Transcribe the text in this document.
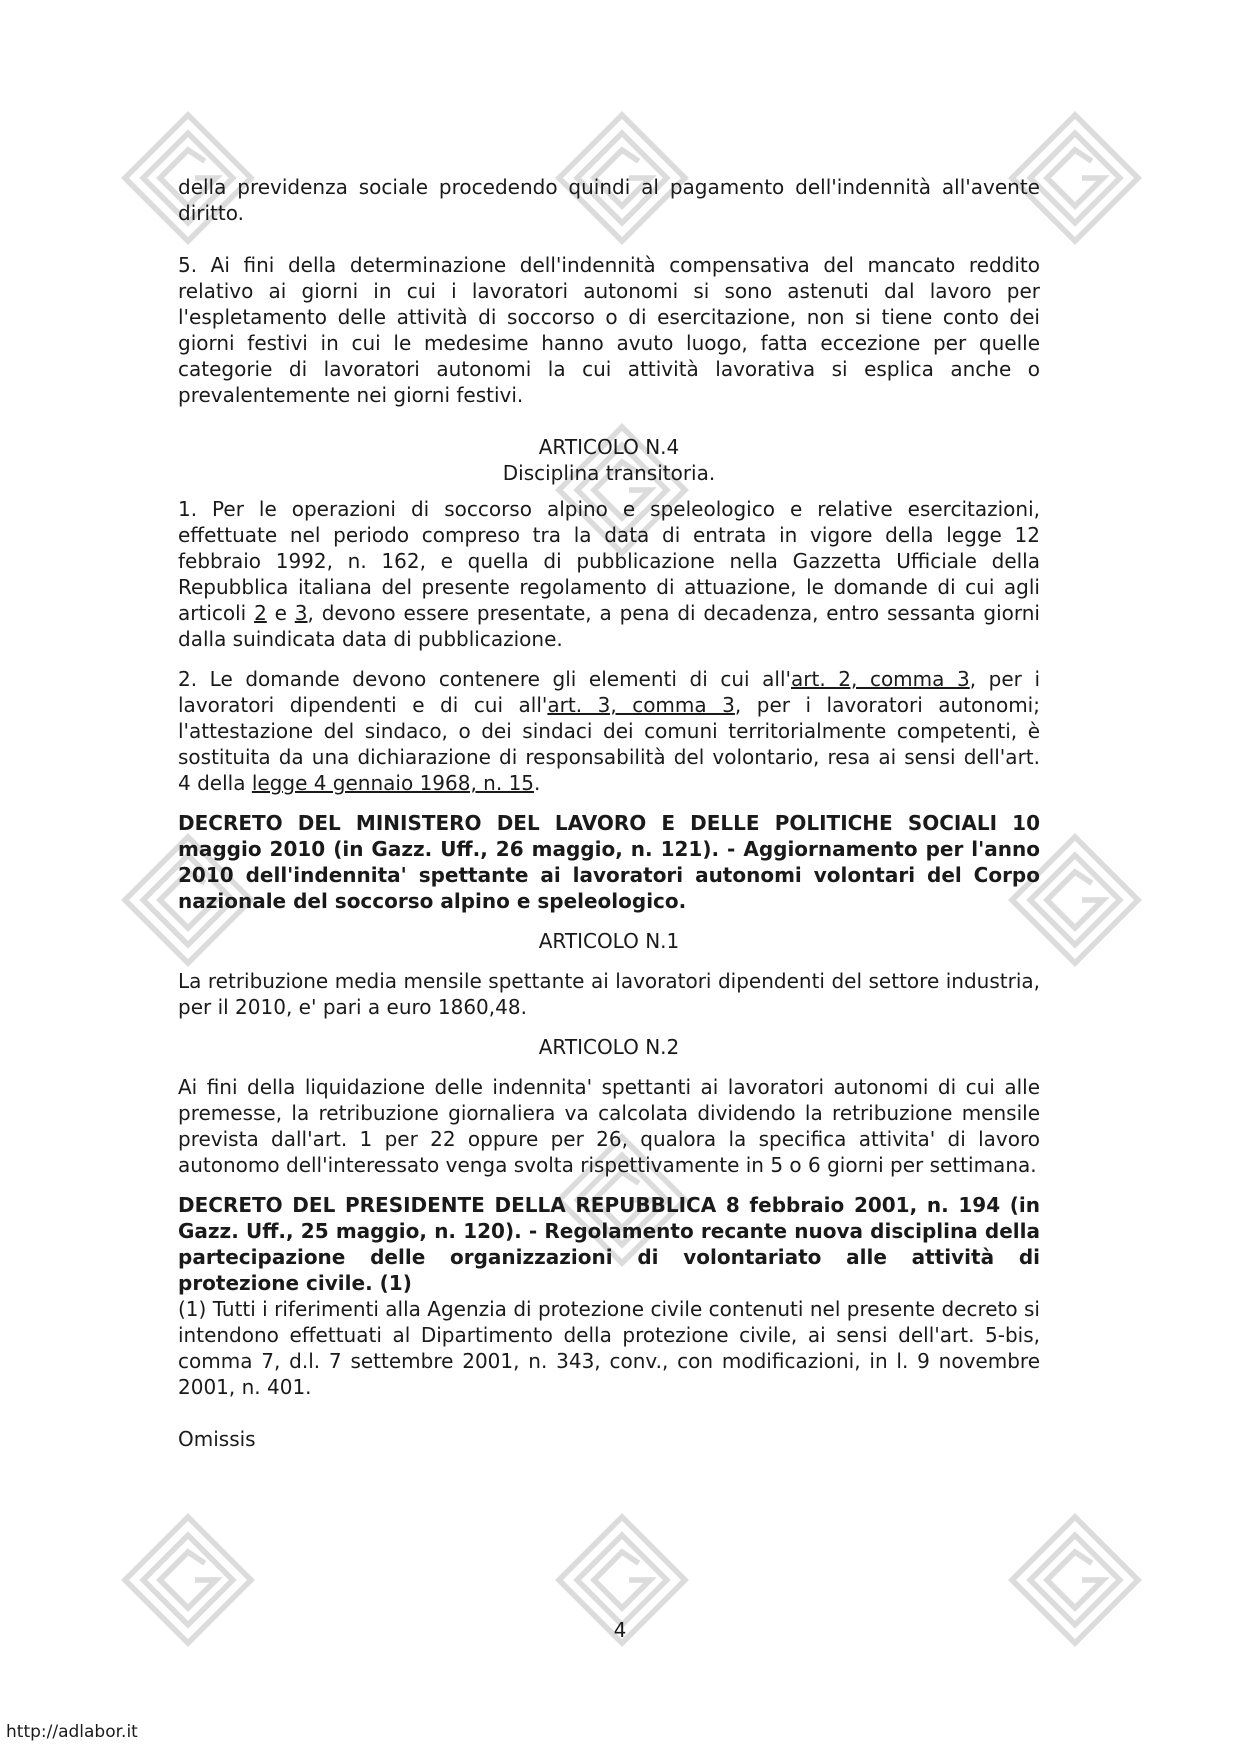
della previdenza sociale procedendo quindi al pagamento dell'indennità all'avente diritto.

5. Ai fini della determinazione dell'indennità compensativa del mancato reddito relativo ai giorni in cui i lavoratori autonomi si sono astenuti dal lavoro per l'espletamento delle attività di soccorso o di esercitazione, non si tiene conto dei giorni festivi in cui le medesime hanno avuto luogo, fatta eccezione per quelle categorie di lavoratori autonomi la cui attività lavorativa si esplica anche o prevalentemente nei giorni festivi.

ARTICOLO N.4

Disciplina transitoria.

1. Per le operazioni di soccorso alpino e speleologico e relative esercitazioni, effettuate nel periodo compreso tra la data di entrata in vigore della legge 12 febbraio 1992, n. 162, e quella di pubblicazione nella Gazzetta Ufficiale della Repubblica italiana del presente regolamento di attuazione, le domande di cui agli articoli 2 e 3, devono essere presentate, a pena di decadenza, entro sessanta giorni dalla suindicata data di pubblicazione.

2. Le domande devono contenere gli elementi di cui all'art. 2, comma 3, per i lavoratori dipendenti e di cui all'art. 3, comma 3, per i lavoratori autonomi; l'attestazione del sindaco, o dei sindaci dei comuni territorialmente competenti, è sostituita da una dichiarazione di responsabilità del volontario, resa ai sensi dell'art. 4 della legge 4 gennaio 1968, n. 15.

DECRETO DEL MINISTERO DEL LAVORO E DELLE POLITICHE SOCIALI 10 maggio 2010 (in Gazz. Uff., 26 maggio, n. 121). - Aggiornamento per l'anno 2010 dell'indennita' spettante ai lavoratori autonomi volontari del Corpo nazionale del soccorso alpino e speleologico.

ARTICOLO N.1

La retribuzione media mensile spettante ai lavoratori dipendenti del settore industria, per il 2010, e' pari a euro 1860,48.

ARTICOLO N.2

Ai fini della liquidazione delle indennita' spettanti ai lavoratori autonomi di cui alle premesse, la retribuzione giornaliera va calcolata dividendo la retribuzione mensile prevista dall'art. 1 per 22 oppure per 26, qualora la specifica attivita' di lavoro autonomo dell'interessato venga svolta rispettivamente in 5 o 6 giorni per settimana.

DECRETO DEL PRESIDENTE DELLA REPUBBLICA 8 febbraio 2001, n. 194 (in Gazz. Uff., 25 maggio, n. 120). - Regolamento recante nuova disciplina della partecipazione delle organizzazioni di volontariato alle attività di protezione civile. (1)

(1) Tutti i riferimenti alla Agenzia di protezione civile contenuti nel presente decreto si intendono effettuati al Dipartimento della protezione civile, ai sensi dell'art. 5-bis, comma 7, d.l. 7 settembre 2001, n. 343, conv., con modificazioni, in l. 9 novembre 2001, n. 401.

Omissis

4
http://adlabor.it
